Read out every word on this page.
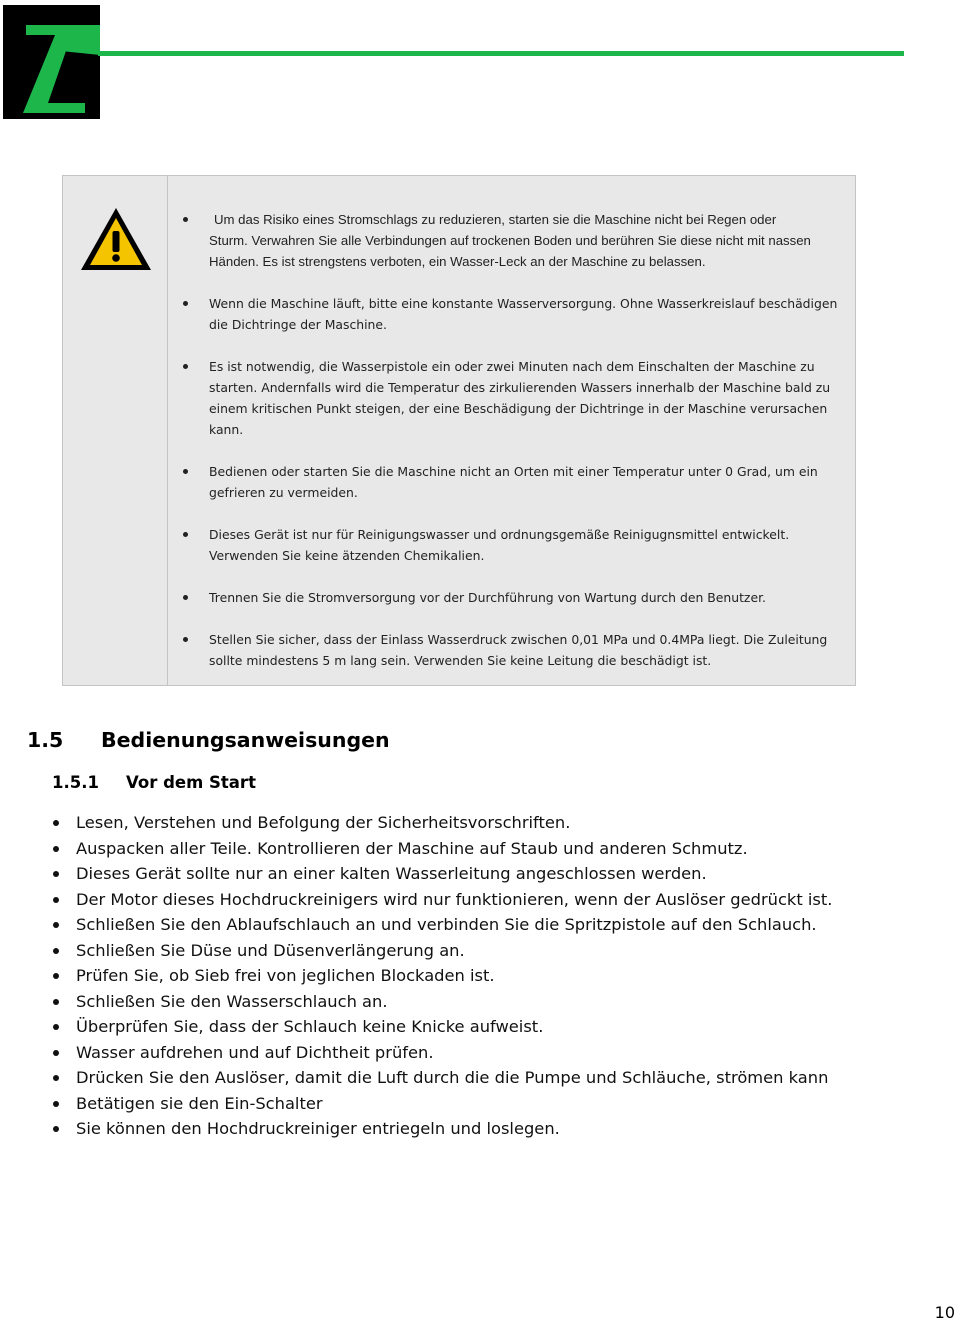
Um das Risiko eines Stromschlags zu reduzieren, starten sie die Maschine nicht bei Regen oder
Sturm. Verwahren Sie alle Verbindungen auf trockenen Boden und berühren Sie diese nicht mit nassen Händen. Es ist strengstens verboten, ein Wasser-Leck an der Maschine zu belassen.
Wenn die Maschine läuft, bitte eine konstante Wasserversorgung. Ohne Wasserkreislauf beschädigen die Dichtringe der Maschine.
Es ist notwendig, die Wasserpistole ein oder zwei Minuten nach dem Einschalten der Maschine zu starten. Andernfalls wird die Temperatur des zirkulierenden Wassers innerhalb der Maschine bald zu einem kritischen Punkt steigen, der eine Beschädigung der Dichtringe in der Maschine verursachen kann.
Bedienen oder starten Sie die Maschine nicht an Orten mit einer Temperatur unter 0 Grad, um ein gefrieren zu vermeiden.
Dieses Gerät ist nur für Reinigungswasser und ordnungsgemäße Reinigugnsmittel entwickelt. Verwenden Sie keine ätzenden Chemikalien.
Trennen Sie die Stromversorgung vor der Durchführung von Wartung durch den Benutzer.
Stellen Sie sicher, dass der Einlass Wasserdruck zwischen 0,01 MPa und 0.4MPa liegt. Die Zuleitung sollte mindestens 5 m lang sein. Verwenden Sie keine Leitung die beschädigt ist.
1.5 Bedienungsanweisungen
1.5.1 Vor dem Start
Lesen, Verstehen und Befolgung der Sicherheitsvorschriften.
Auspacken aller Teile. Kontrollieren der Maschine auf Staub und anderen Schmutz.
Dieses Gerät sollte nur an einer kalten Wasserleitung angeschlossen werden.
Der Motor dieses Hochdruckreinigers wird nur funktionieren, wenn der Auslöser gedrückt ist.
Schließen Sie den Ablaufschlauch an und verbinden Sie die Spritzpistole auf den Schlauch.
Schließen Sie Düse und Düsenverlängerung an.
Prüfen Sie, ob Sieb frei von jeglichen Blockaden ist.
Schließen Sie den Wasserschlauch an.
Überprüfen Sie, dass der Schlauch keine Knicke aufweist.
Wasser aufdrehen und auf Dichtheit prüfen.
Drücken Sie den Auslöser, damit die Luft durch die die Pumpe und Schläuche, strömen kann
Betätigen sie den Ein-Schalter
Sie können den Hochdruckreiniger entriegeln und loslegen.
10
